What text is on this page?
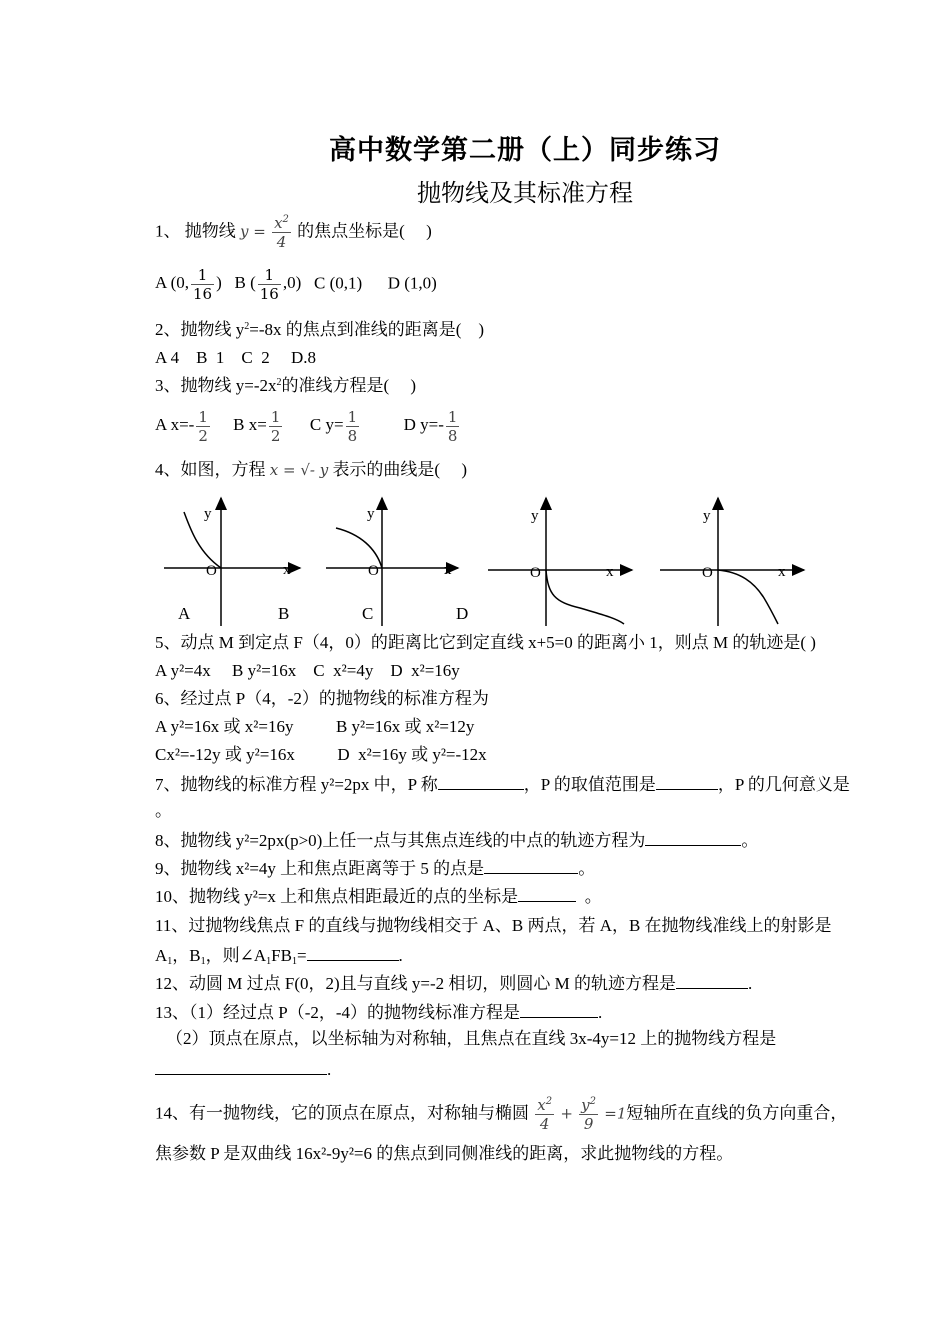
高中数学第二册（上）同步练习
抛物线及其标准方程
1、 抛物线 $y = \frac{x^2}{4}$ 的焦点坐标是(　 )
A (0, $\frac{1}{16}$ ) B ( $\frac{1}{16} ,0$) C (0,1) D (1,0)
2、抛物线 $y^2=-8x$ 的焦点到准线的距离是(　)
A 4    B  1    C  2     D.8
3、抛物线 $y=-2x^2$的准线方程是(　 )
A $x=- \frac{1}{2}$ B $x= \frac{1}{2}$ C $y= \frac{1}{8}$	D $y=- \frac{1}{8}$
4、如图，方程 x = √- y 表示的曲线是(　 )
y
O	x
A
y
O	x
B
y
O	x
C
y
O	x
D
5、动点 M 到定点 F（4，0）的距离比它到定直线 x+5=0 的距离小 1，则点 M 的轨迹是( )
A y²=4x     B y²=16x    C  x²=4y    D  x²=16y
6、经过点 P（4，-2）的抛物线的标准方程为
A y²=16x 或 x²=16y          B y²=16x 或 x²=12y
Cx²=-12y 或 y²=16x          D  x²=16y 或 y²=-12x
7、抛物线的标准方程 y²=2px 中，P 称	，P 的取值范围是	，P 的几何意义是
。
8、抛物线 y²=2px(p>0)上任一点与其焦点连线的中点的轨迹方程为	。
9、抛物线 x²=4y 上和焦点距离等于 5 的点是	。
10、抛物线 y²=x 上和焦点相距最近的点的坐标是	。
11、过抛物线焦点 F 的直线与抛物线相交于 A、B 两点，若 A，B 在抛物线准线上的射影是
$A_1$，$B_1$，则$\angle A_1FB_1=$	.
12、动圆 M 过点 F(0，2)且与直线 y=-2 相切，则圆心 M 的轨迹方程是	.
13、（1）经过点 P（-2，-4）的抛物线标准方程是	.
（2）顶点在原点，以坐标轴为对称轴，且焦点在直线 3x-4y=12 上的抛物线方程是
.
14、有一抛物线，它的顶点在原点，对称轴与椭圆 $\frac{x^2}{4} + \frac{y^2}{9} =1$短轴所在直线的负方向重合，
焦参数 P 是双曲线 16x²-9y²=6 的焦点到同侧准线的距离，求此抛物线的方程。
